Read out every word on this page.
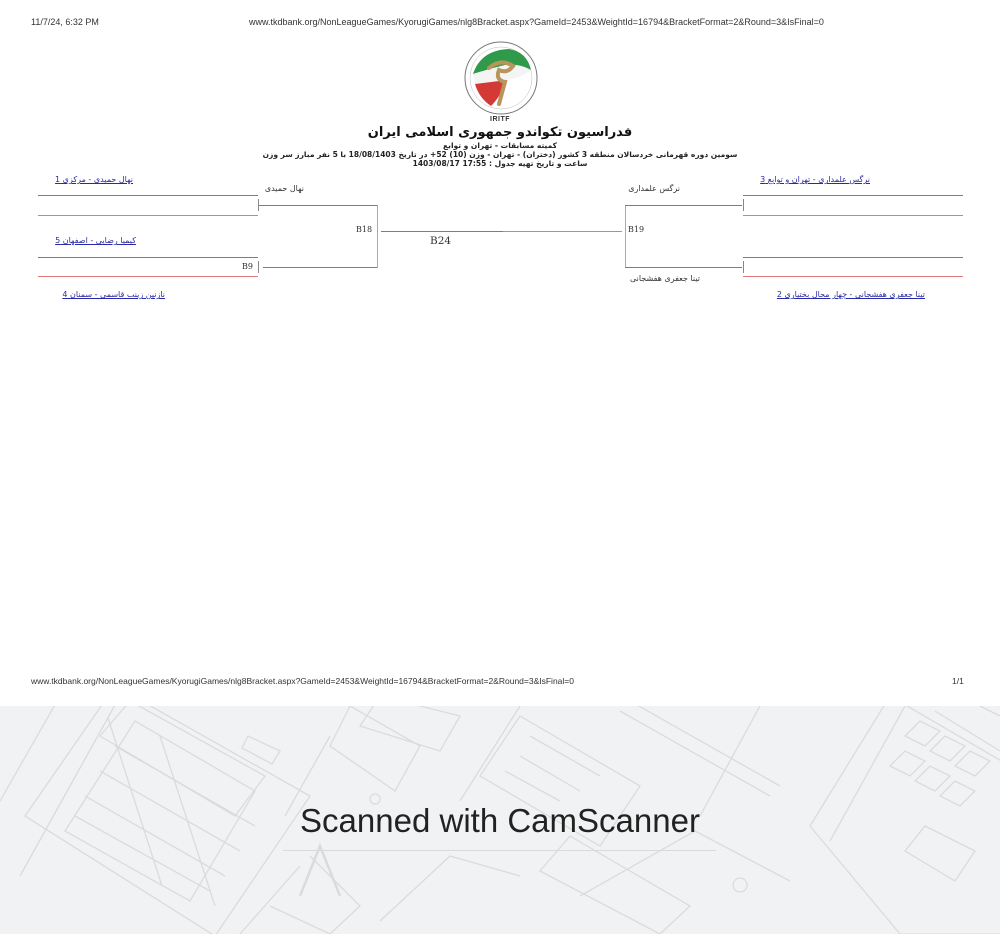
11/7/24, 6:32 PM	www.tkdbank.org/NonLeagueGames/KyorugiGames/nlg8Bracket.aspx?GameId=2453&WeightId=16794&BracketFormat=2&Round=3&IsFinal=0
IRITF
فدراسیون تکواندو جمهوری اسلامی ایران
کمیته مسابقات - تهران و توابع
سومین دوره قهرمانی خردسالان منطقه 3 کشور (دختران) - تهران - وزن (10) 52+ در تاریخ 18/08/1403 با 5 نفر مبارز سر وزن
ساعت و تاریخ تهیه جدول : 17:55 1403/08/17
نهال حمیدی - مرکزی 1
نهال حمیدی
کیمیا رضایی - اصفهان 5
B9
نازنین زینب قاسمی - سمنان 4
B18
B24
B19
نرگس علمداری
تینا جعفری هفشجانی
نرگس علمداری - تهران و توابع 3
تینا جعفری هفشجانی - چهار محال بختیاری 2
www.tkdbank.org/NonLeagueGames/KyorugiGames/nlg8Bracket.aspx?GameId=2453&WeightId=16794&BracketFormat=2&Round=3&IsFinal=0	1/1
Scanned with CamScanner
